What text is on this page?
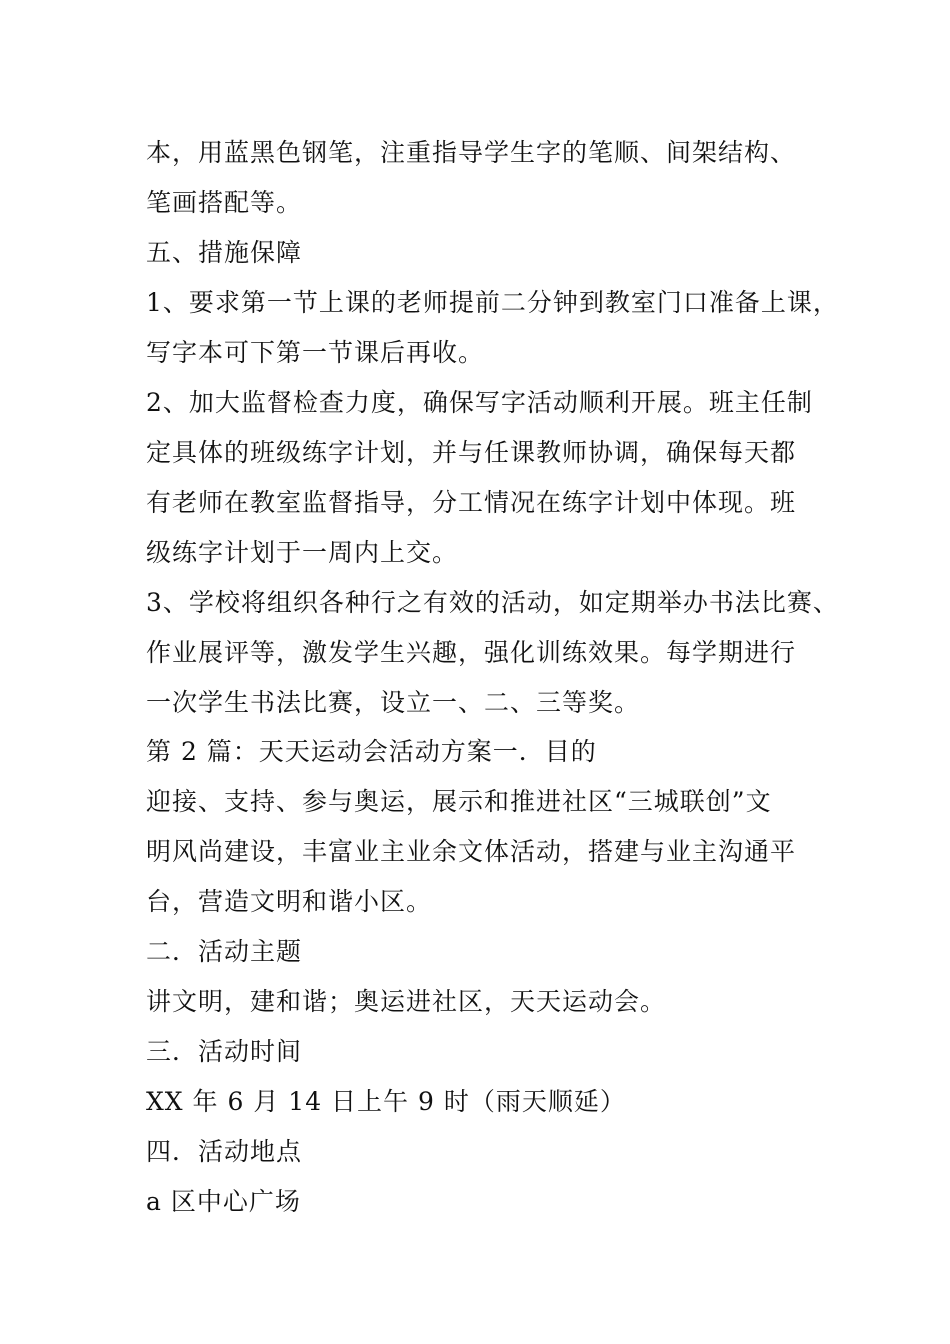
本，用蓝黑色钢笔，注重指导学生字的笔顺、间架结构、
笔画搭配等。
五、措施保障
1、要求第一节上课的老师提前二分钟到教室门口准备上课，
写字本可下第一节课后再收。
2、加大监督检查力度，确保写字活动顺利开展。班主任制
定具体的班级练字计划，并与任课教师协调，确保每天都
有老师在教室监督指导，分工情况在练字计划中体现。班
级练字计划于一周内上交。
3、学校将组织各种行之有效的活动，如定期举办书法比赛、
作业展评等，激发学生兴趣，强化训练效果。每学期进行
一次学生书法比赛，设立一、二、三等奖。
第 2 篇：天天运动会活动方案一．目的
迎接、支持、参与奥运，展示和推进社区“三城联创”文
明风尚建设，丰富业主业余文体活动，搭建与业主沟通平
台，营造文明和谐小区。
二．活动主题
讲文明，建和谐；奥运进社区，天天运动会。
三．活动时间
XX 年 6 月 14 日上午 9 时（雨天顺延）
四．活动地点
a 区中心广场
